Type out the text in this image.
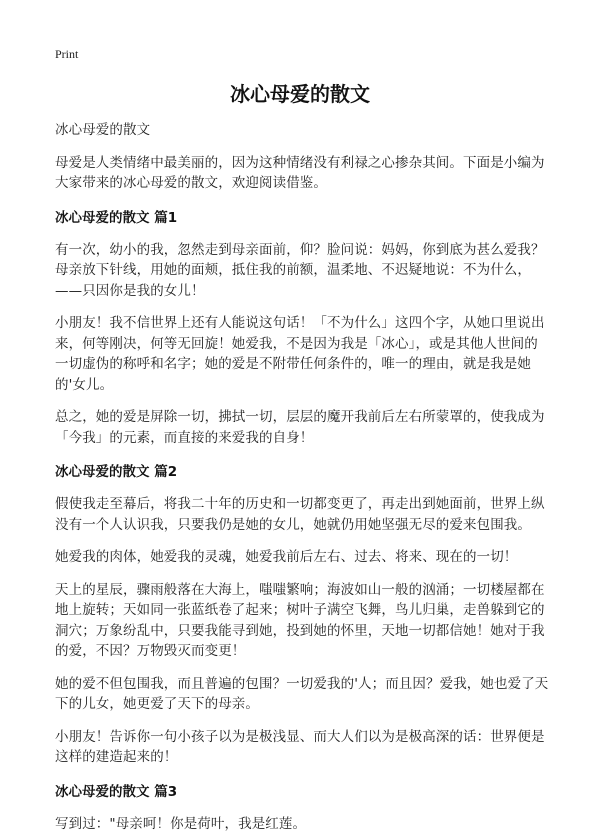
Print
冰心母爱的散文

冰心母爱的散文

母爱是人类情绪中最美丽的，因为这种情绪没有利禄之心掺杂其间。下面是小编为大家带来的冰心母爱的散文，欢迎阅读借鉴。

冰心母爱的散文 篇1

有一次，幼小的我，忽然走到母亲面前，仰？脸问说：妈妈，你到底为甚么爱我？母亲放下针线，用她的面颊，抵住我的前额，温柔地、不迟疑地说：不为什么，——只因你是我的女儿！

小朋友！我不信世界上还有人能说这句话！「不为什么」这四个字，从她口里说出来，何等刚决，何等无回旋！她爱我，不是因为我是「冰心」，或是其他人世间的一切虚伪的称呼和名字；她的爱是不附带任何条件的，唯一的理由，就是我是她的'女儿。

总之，她的爱是屏除一切，拂拭一切，层层的魔开我前后左右所蒙罩的，使我成为「今我」的元素，而直接的来爱我的自身！

冰心母爱的散文 篇2

假使我走至幕后，将我二十年的历史和一切都变更了，再走出到她面前，世界上纵没有一个人认识我，只要我仍是她的女儿，她就仍用她坚强无尽的爱来包围我。

她爱我的肉体，她爱我的灵魂，她爱我前后左右、过去、将来、现在的一切！

天上的星辰，骤雨般落在大海上，嗤嗤繁响；海波如山一般的汹涌；一切楼屋都在地上旋转；天如同一张蓝纸卷了起来；树叶子满空飞舞，鸟儿归巢，走兽躲到它的洞穴；万象纷乱中，只要我能寻到她，投到她的怀里，天地一切都信她！她对于我的爱，不因？万物毁灭而变更！

她的爱不但包围我，而且普遍的包围？一切爱我的'人；而且因？爱我，她也爱了天下的儿女，她更爱了天下的母亲。

小朋友！告诉你一句小孩子以为是极浅显、而大人们以为是极高深的话：世界便是这样的建造起来的！

冰心母爱的散文 篇3

写到过："母亲呵！你是荷叶，我是红莲。
